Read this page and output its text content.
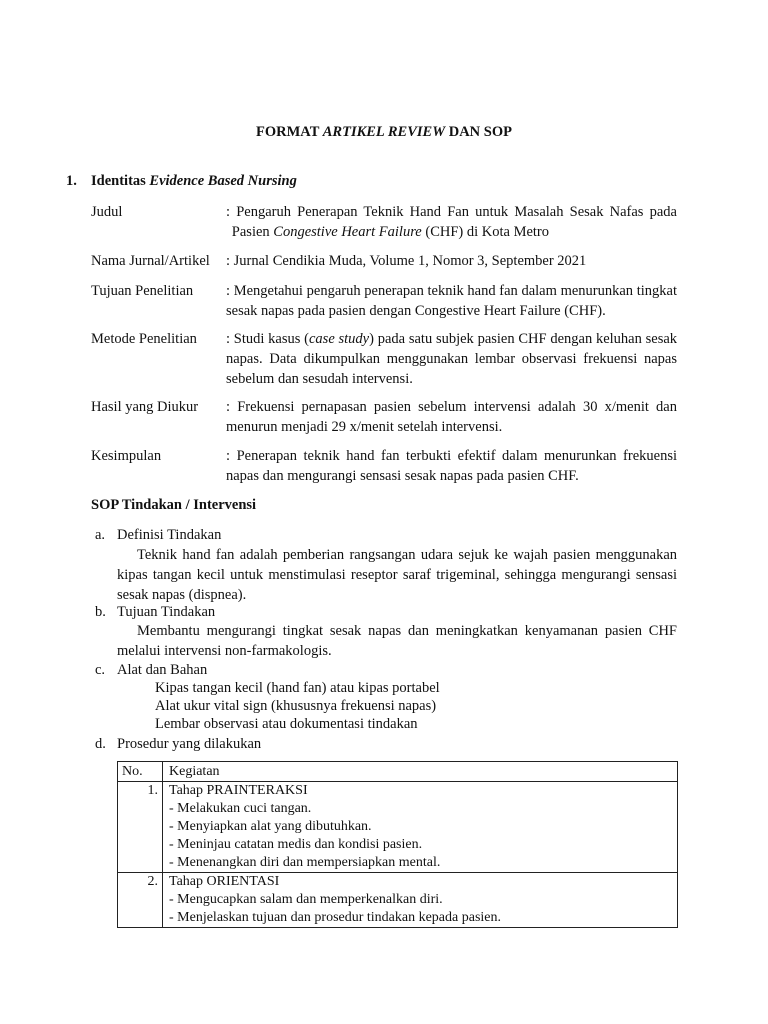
FORMAT ARTIKEL REVIEW DAN SOP
1. Identitas Evidence Based Nursing
Judul	: Pengaruh Penerapan Teknik Hand Fan untuk Masalah Sesak Nafas pada
Pasien Congestive Heart Failure (CHF) di Kota Metro
Nama Jurnal/Artikel	: Jurnal Cendikia Muda, Volume 1, Nomor 3, September 2021
Tujuan Penelitian	: Mengetahui pengaruh penerapan teknik hand fan dalam menurunkan tingkat sesak napas pada pasien dengan Congestive Heart Failure (CHF).
Metode Penelitian	: Studi kasus (case study) pada satu subjek pasien CHF dengan keluhan sesak napas. Data dikumpulkan menggunakan lembar observasi frekuensi napas sebelum dan sesudah intervensi.
Hasil yang Diukur	: Frekuensi pernapasan pasien sebelum intervensi adalah 30 x/menit dan menurun menjadi 29 x/menit setelah intervensi.
Kesimpulan	: Penerapan teknik hand fan terbukti efektif dalam menurunkan frekuensi napas dan mengurangi sensasi sesak napas pada pasien CHF.
SOP Tindakan / Intervensi
a. Definisi Tindakan
Teknik hand fan adalah pemberian rangsangan udara sejuk ke wajah pasien menggunakan kipas tangan kecil untuk menstimulasi reseptor saraf trigeminal, sehingga mengurangi sensasi sesak napas (dispnea).
b. Tujuan Tindakan
Membantu mengurangi tingkat sesak napas dan meningkatkan kenyamanan pasien CHF melalui intervensi non-farmakologis.
c. Alat dan Bahan
Kipas tangan kecil (hand fan) atau kipas portabel
Alat ukur vital sign (khususnya frekuensi napas)
Lembar observasi atau dokumentasi tindakan
d. Prosedur yang dilakukan
No.	Kegiatan
1.	Tahap PRAINTERAKSI
- Melakukan cuci tangan.
- Menyiapkan alat yang dibutuhkan.
- Meninjau catatan medis dan kondisi pasien.
- Menenangkan diri dan mempersiapkan mental.

2.	Tahap ORIENTASI
- Mengucapkan salam dan memperkenalkan diri.
- Menjelaskan tujuan dan prosedur tindakan kepada pasien.
